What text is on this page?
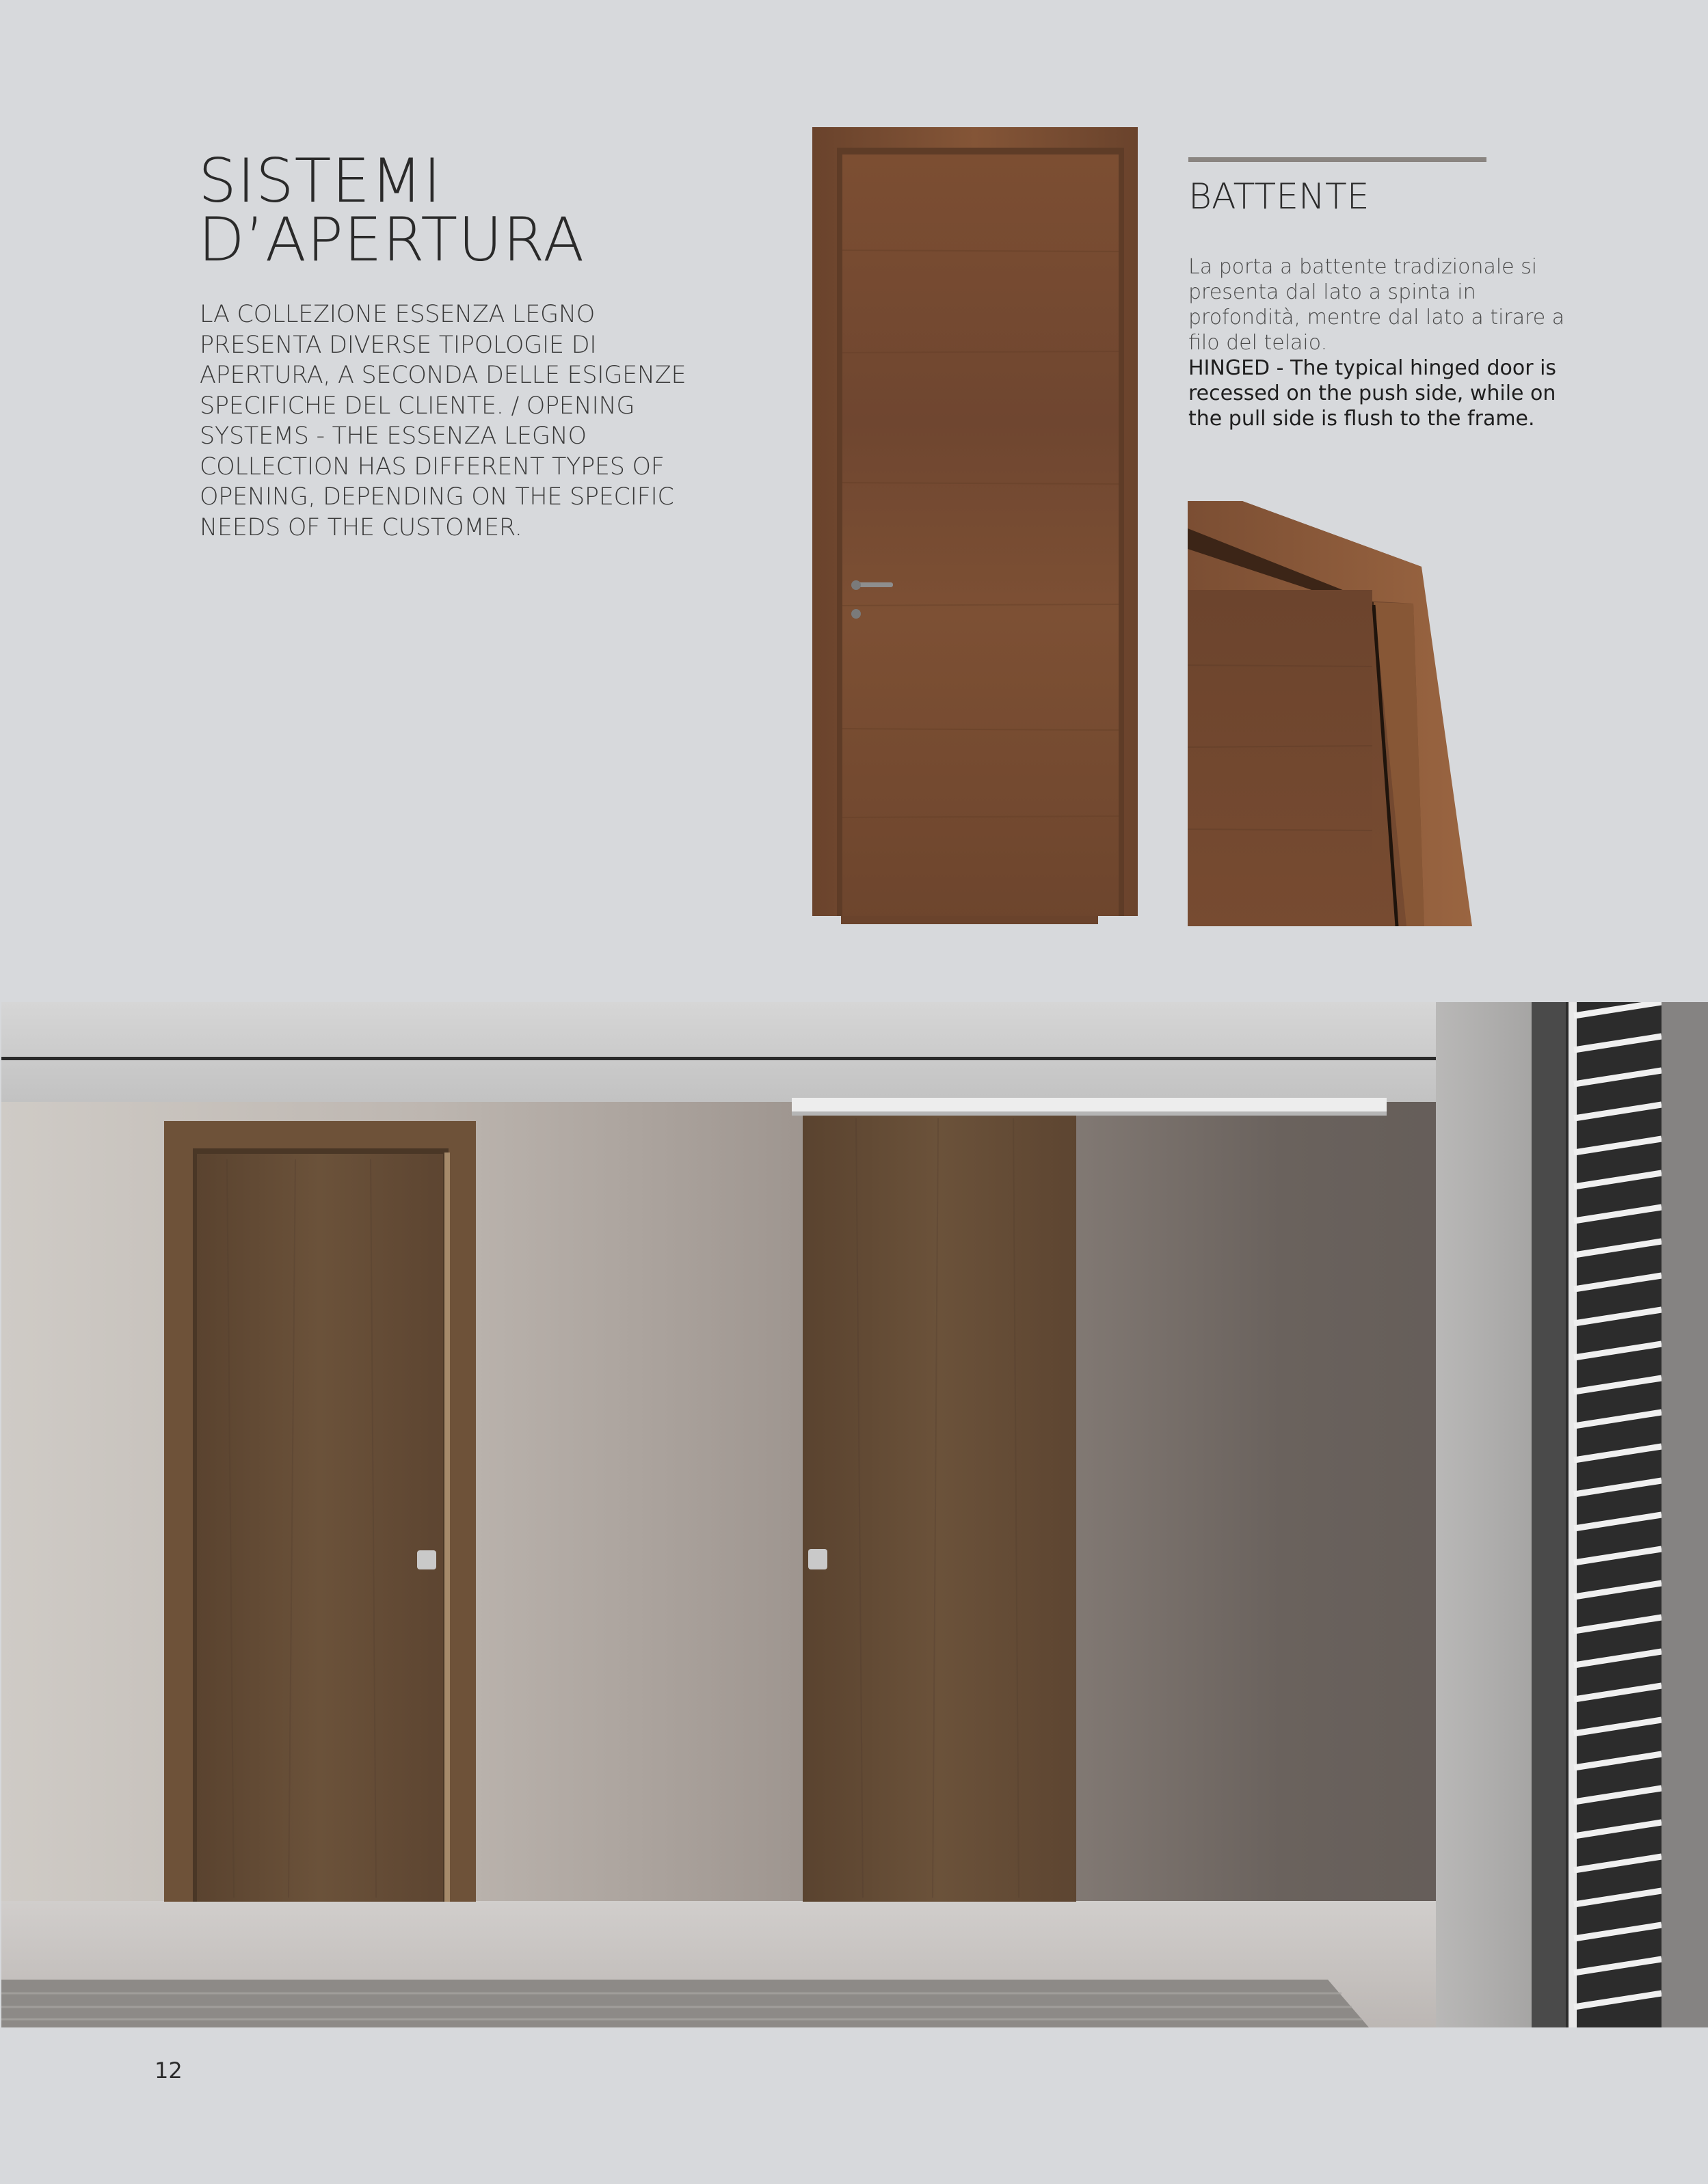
SISTEMI
D’APERTURA

LA COLLEZIONE ESSENZA LEGNO PRESENTA DIVERSE TIPOLOGIE DI APERTURA, A SECONDA DELLE ESIGENZE SPECIFICHE DEL CLIENTE. / OPENING SYSTEMS - THE ESSENZA LEGNO COLLECTION HAS DIFFERENT TYPES OF OPENING, DEPENDING ON THE SPECIFIC NEEDS OF THE CUSTOMER.

BATTENTE
La porta a battente tradizionale si presenta dal lato a spinta in profondità, mentre dal lato a tirare a filo del telaio.
HINGED - The typical hinged door is recessed on the push side, while on the pull side is flush to the frame.
12
